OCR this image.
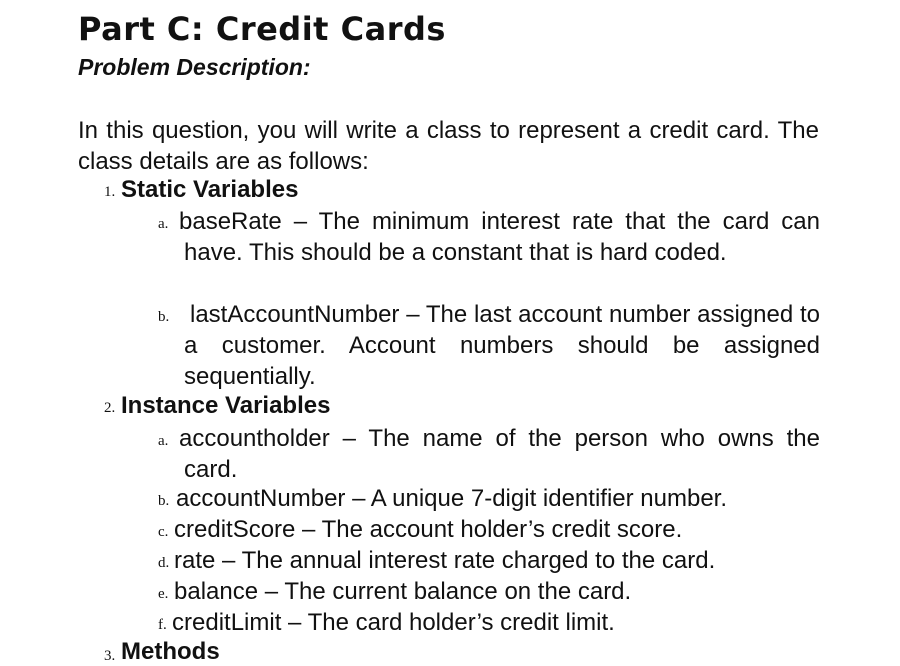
Part C: Credit Cards
Problem Description:
In this question, you will write a class to represent a credit card. The class details are as follows:
1. Static Variables
a. baseRate – The minimum interest rate that the card can have. This should be a constant that is hard coded.
b. lastAccountNumber – The last account number assigned to a customer. Account numbers should be assigned sequentially.
2. Instance Variables
a. accountholder – The name of the person who owns the card.
b. accountNumber – A unique 7-digit identifier number.
c. creditScore – The account holder’s credit score.
d. rate – The annual interest rate charged to the card.
e. balance – The current balance on the card.
f. creditLimit – The card holder’s credit limit.
3. Methods
